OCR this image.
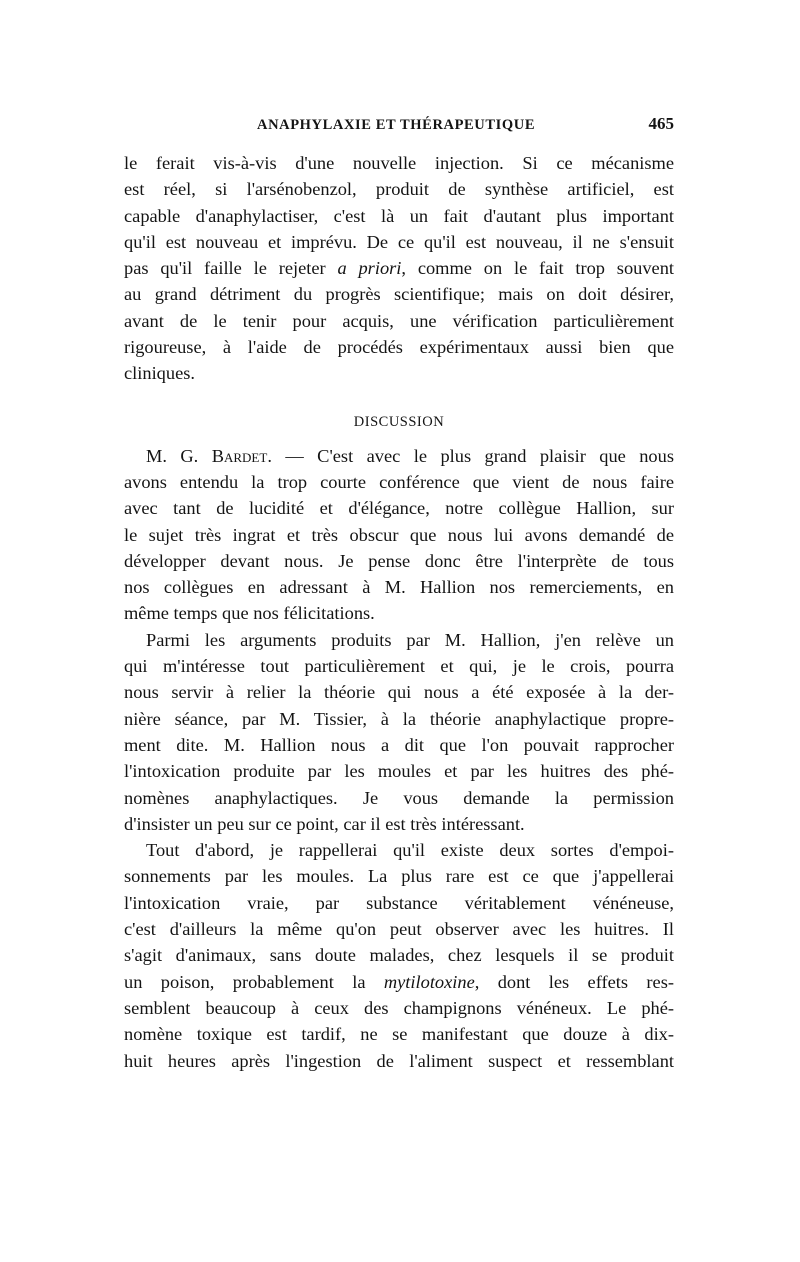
ANAPHYLAXIE ET THÉRAPEUTIQUE	465

le ferait vis-à-vis d'une nouvelle injection. Si ce mécanisme
est réel, si l'arsénobenzol, produit de synthèse artificiel, est
capable d'anaphylactiser, c'est là un fait d'autant plus important
qu'il est nouveau et imprévu. De ce qu'il est nouveau, il ne s'ensuit
pas qu'il faille le rejeter a priori, comme on le fait trop souvent
au grand détriment du progrès scientifique; mais on doit désirer,
avant de le tenir pour acquis, une vérification particulièrement
rigoureuse, à l'aide de procédés expérimentaux aussi bien que
cliniques.

DISCUSSION

M. G. Bardet. — C'est avec le plus grand plaisir que nous
avons entendu la trop courte conférence que vient de nous faire
avec tant de lucidité et d'élégance, notre collègue Hallion, sur
le sujet très ingrat et très obscur que nous lui avons demandé de
développer devant nous. Je pense donc être l'interprète de tous
nos collègues en adressant à M. Hallion nos remerciements, en
même temps que nos félicitations.

Parmi les arguments produits par M. Hallion, j'en relève un
qui m'intéresse tout particulièrement et qui, je le crois, pourra
nous servir à relier la théorie qui nous a été exposée à la der-
nière séance, par M. Tissier, à la théorie anaphylactique propre-
ment dite. M. Hallion nous a dit que l'on pouvait rapprocher
l'intoxication produite par les moules et par les huitres des phé-
nomènes anaphylactiques. Je vous demande la permission
d'insister un peu sur ce point, car il est très intéressant.

Tout d'abord, je rappellerai qu'il existe deux sortes d'empoi-
sonnements par les moules. La plus rare est ce que j'appellerai
l'intoxication vraie, par substance véritablement vénéneuse,
c'est d'ailleurs la même qu'on peut observer avec les huitres. Il
s'agit d'animaux, sans doute malades, chez lesquels il se produit
un poison, probablement la mytilotoxine, dont les effets res-
semblent beaucoup à ceux des champignons vénéneux. Le phé-
nomène toxique est tardif, ne se manifestant que douze à dix-
huit heures après l'ingestion de l'aliment suspect et ressemblant
